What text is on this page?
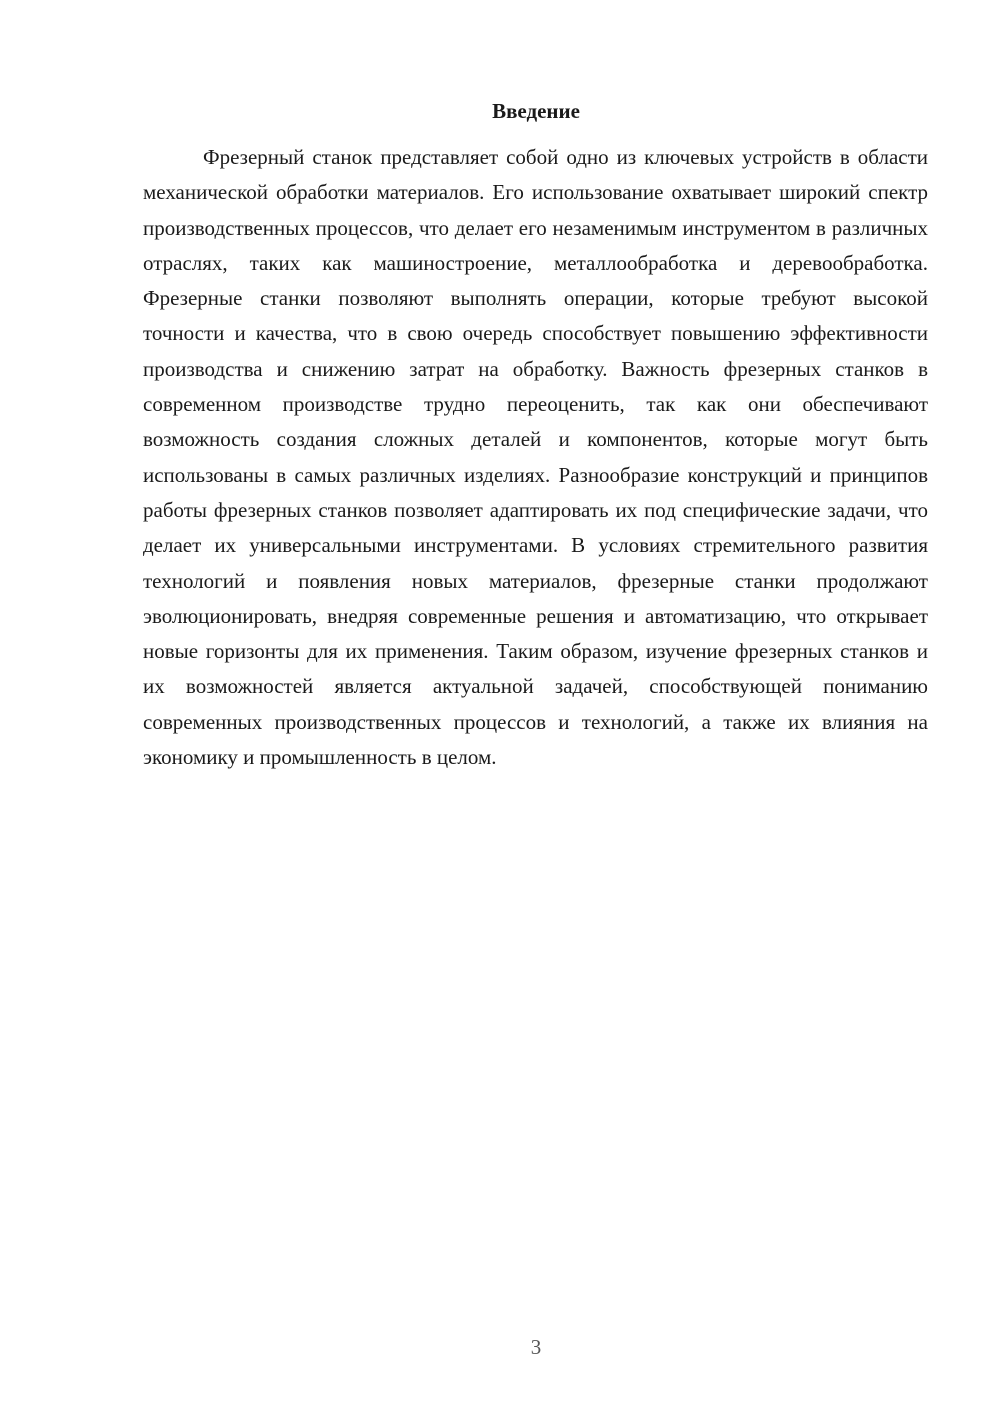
Введение

Фрезерный станок представляет собой одно из ключевых устройств в области механической обработки материалов. Его использование охватывает широкий спектр производственных процессов, что делает его незаменимым инструментом в различных отраслях, таких как машиностроение, металлообработка и деревообработка. Фрезерные станки позволяют выполнять операции, которые требуют высокой точности и качества, что в свою очередь способствует повышению эффективности производства и снижению затрат на обработку. Важность фрезерных станков в современном производстве трудно переоценить, так как они обеспечивают возможность создания сложных деталей и компонентов, которые могут быть использованы в самых различных изделиях. Разнообразие конструкций и принципов работы фрезерных станков позволяет адаптировать их под специфические задачи, что делает их универсальными инструментами. В условиях стремительного развития технологий и появления новых материалов, фрезерные станки продолжают эволюционировать, внедряя современные решения и автоматизацию, что открывает новые горизонты для их применения. Таким образом, изучение фрезерных станков и их возможностей является актуальной задачей, способствующей пониманию современных производственных процессов и технологий, а также их влияния на экономику и промышленность в целом.

3
